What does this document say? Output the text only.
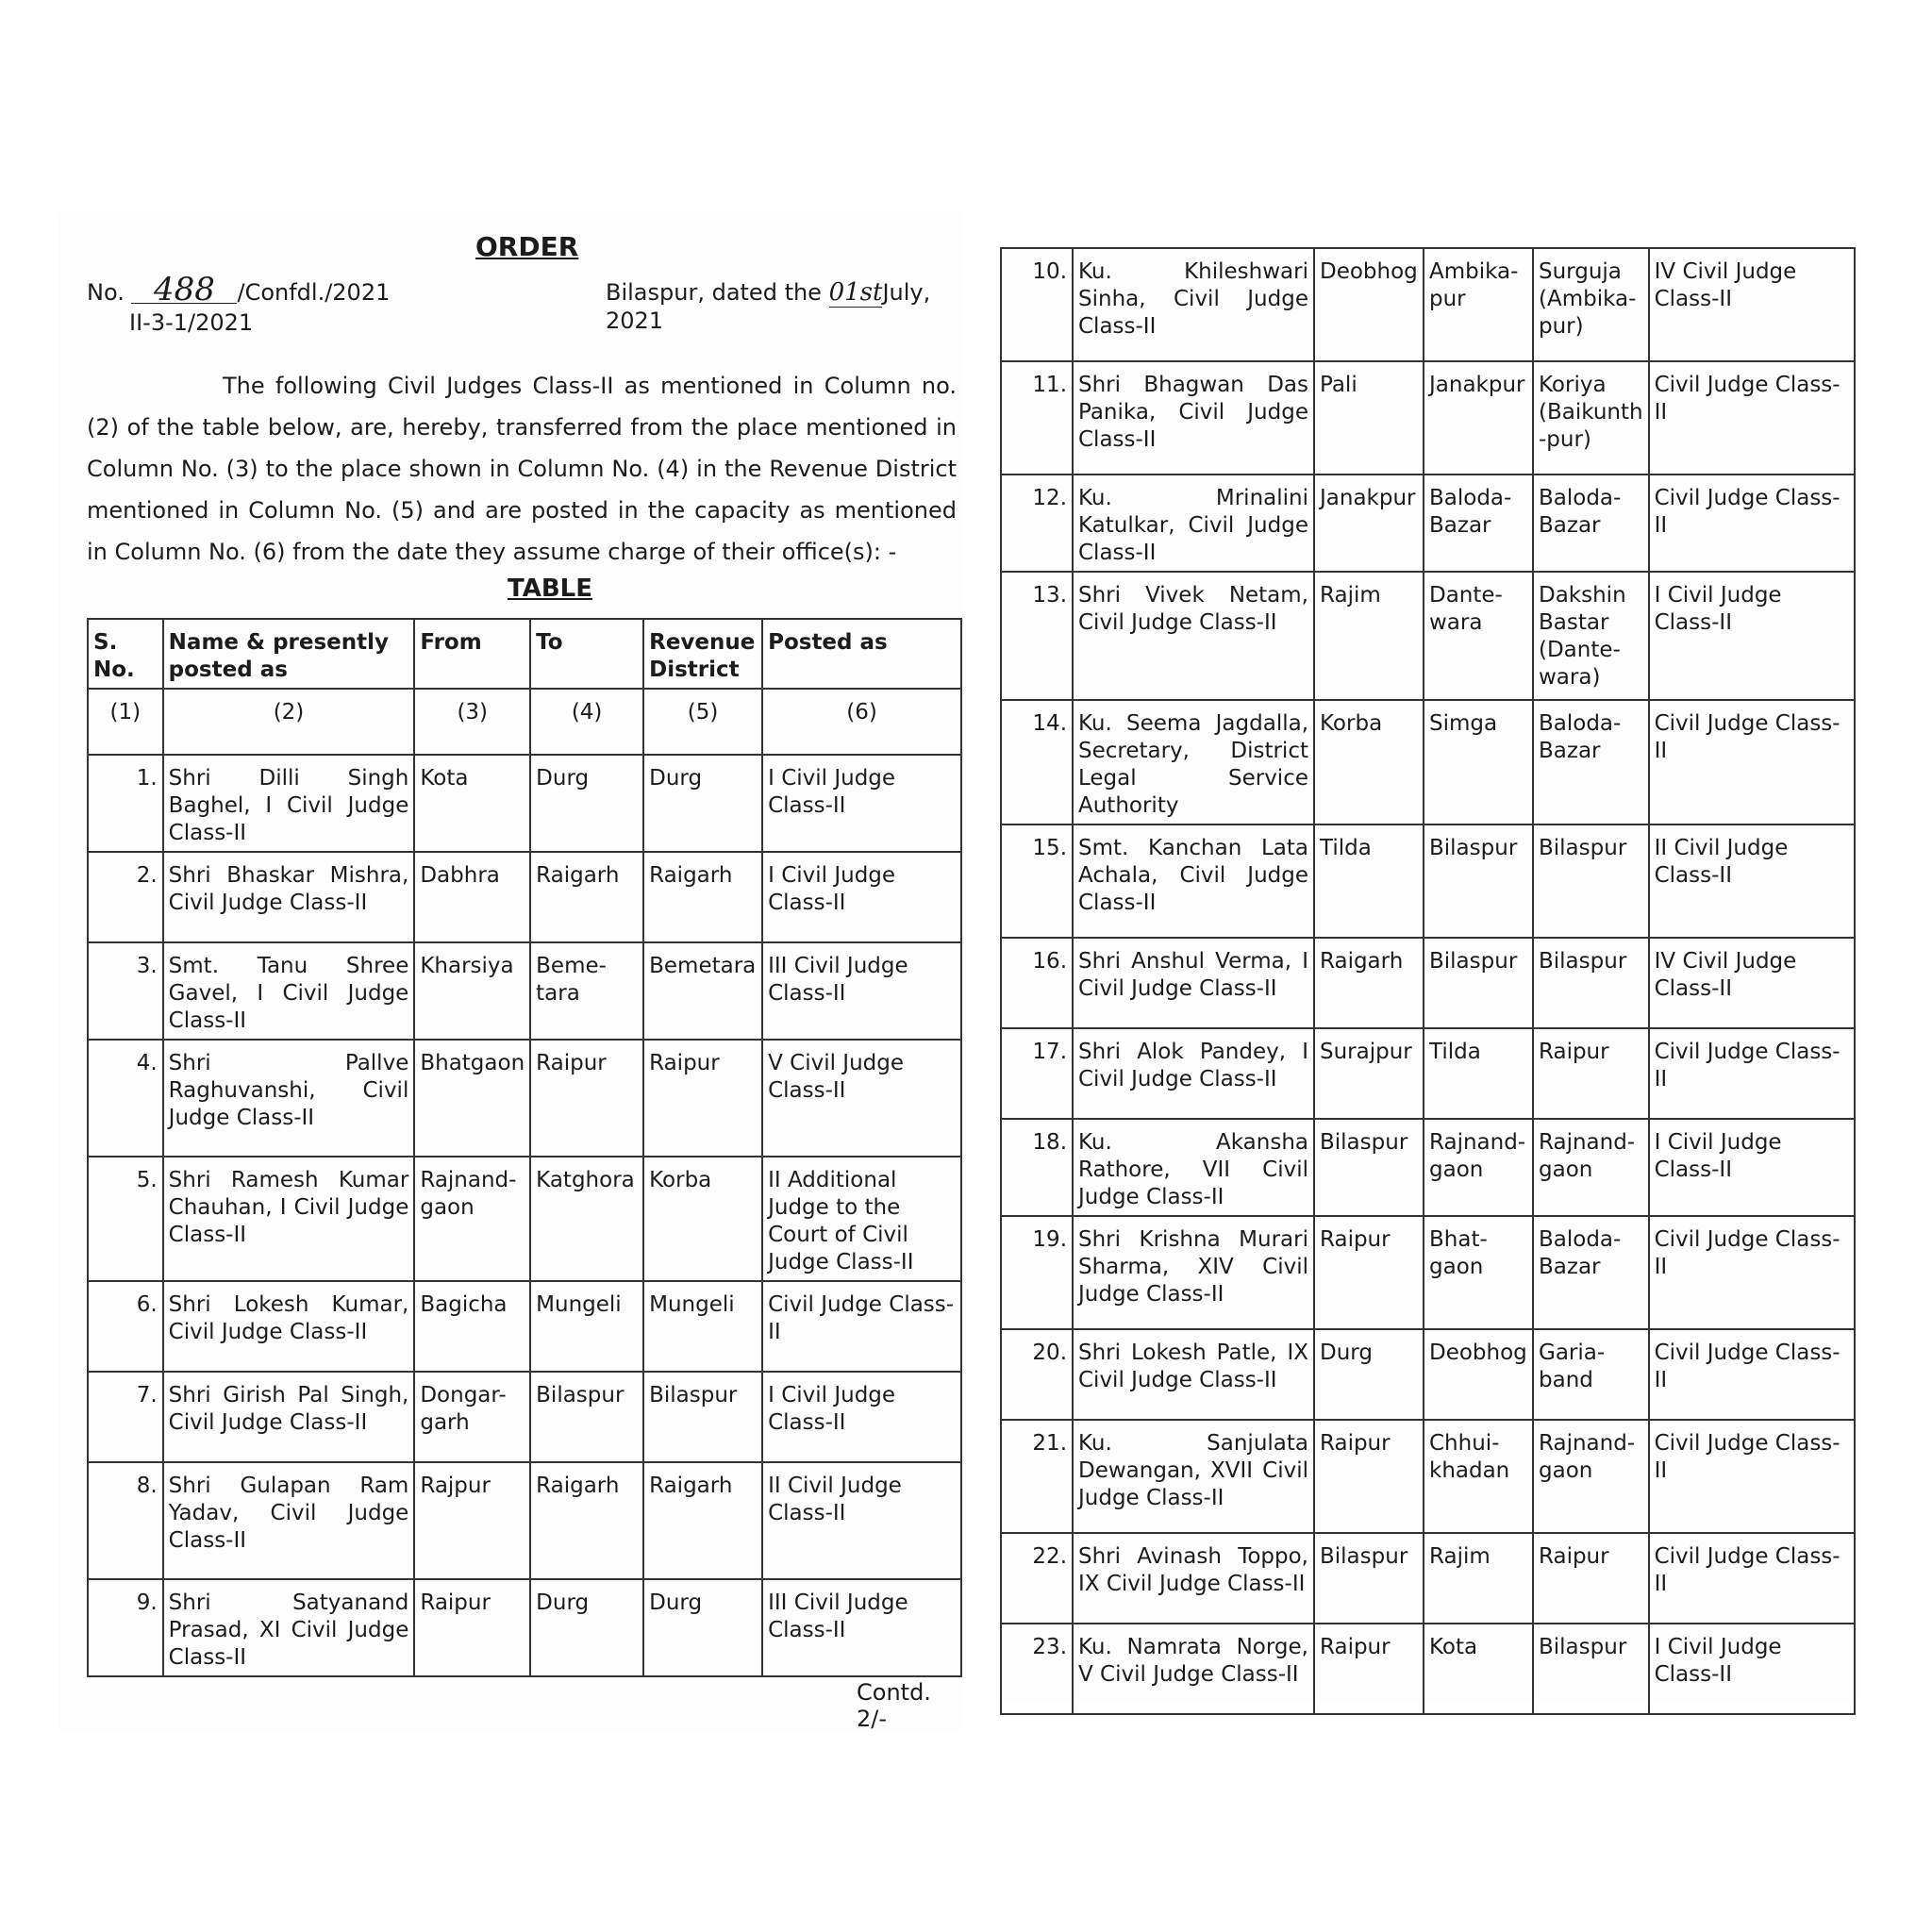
ORDER
No. 488 /Confdl./2021
II-3-1/2021
Bilaspur, dated the 01stJuly, 2021

The following Civil Judges Class-II as mentioned in Column no. (2) of the table below, are, hereby, transferred from the place mentioned in Column No. (3) to the place shown in Column No. (4) in the Revenue District mentioned in Column No. (5) and are posted in the capacity as mentioned in Column No. (6) from the date they assume charge of their office(s): -

TABLE
S. No.	Name & presently posted as	From	To	Revenue District	Posted as
(1)	(2)	(3)	(4)	(5)	(6)
1.	Shri Dilli Singh Baghel, I Civil Judge Class-II	Kota	Durg	Durg	I Civil Judge Class-II
2.	Shri Bhaskar Mishra, Civil Judge Class-II	Dabhra	Raigarh	Raigarh	I Civil Judge Class-II
3.	Smt. Tanu Shree Gavel, I Civil Judge Class-II	Kharsiya	Beme-tara	Bemetara	III Civil Judge Class-II
4.	Shri Pallve Raghuvanshi, Civil Judge Class-II	Bhatgaon	Raipur	Raipur	V Civil Judge Class-II
5.	Shri Ramesh Kumar Chauhan, I Civil Judge Class-II	Rajnand-gaon	Katghora	Korba	II Additional Judge to the Court of Civil Judge Class-II
6.	Shri Lokesh Kumar, Civil Judge Class-II	Bagicha	Mungeli	Mungeli	Civil Judge Class-II
7.	Shri Girish Pal Singh, Civil Judge Class-II	Dongar-garh	Bilaspur	Bilaspur	I Civil Judge Class-II
8.	Shri Gulapan Ram Yadav, Civil Judge Class-II	Rajpur	Raigarh	Raigarh	II Civil Judge Class-II
9.	Shri Satyanand Prasad, XI Civil Judge Class-II	Raipur	Durg	Durg	III Civil Judge Class-II
Contd. 2/-
10.	Ku. Khileshwari Sinha, Civil Judge Class-II	Deobhog	Ambika-pur	Surguja (Ambika-pur)	IV Civil Judge Class-II
11.	Shri Bhagwan Das Panika, Civil Judge Class-II	Pali	Janakpur	Koriya (Baikunth -pur)	Civil Judge Class-II
12.	Ku. Mrinalini Katulkar, Civil Judge Class-II	Janakpur	Baloda-Bazar	Baloda-Bazar	Civil Judge Class-II
13.	Shri Vivek Netam, Civil Judge Class-II	Rajim	Dante-wara	Dakshin Bastar (Dante-wara)	I Civil Judge Class-II
14.	Ku. Seema Jagdalla, Secretary, District Legal Service Authority	Korba	Simga	Baloda-Bazar	Civil Judge Class-II
15.	Smt. Kanchan Lata Achala, Civil Judge Class-II	Tilda	Bilaspur	Bilaspur	II Civil Judge Class-II
16.	Shri Anshul Verma, I Civil Judge Class-II	Raigarh	Bilaspur	Bilaspur	IV Civil Judge Class-II
17.	Shri Alok Pandey, I Civil Judge Class-II	Surajpur	Tilda	Raipur	Civil Judge Class-II
18.	Ku. Akansha Rathore, VII Civil Judge Class-II	Bilaspur	Rajnand-gaon	Rajnand-gaon	I Civil Judge Class-II
19.	Shri Krishna Murari Sharma, XIV Civil Judge Class-II	Raipur	Bhat-gaon	Baloda-Bazar	Civil Judge Class-II
20.	Shri Lokesh Patle, IX Civil Judge Class-II	Durg	Deobhog	Garia-band	Civil Judge Class-II
21.	Ku. Sanjulata Dewangan, XVII Civil Judge Class-II	Raipur	Chhui-khadan	Rajnand-gaon	Civil Judge Class-II
22.	Shri Avinash Toppo, IX Civil Judge Class-II	Bilaspur	Rajim	Raipur	Civil Judge Class-II
23.	Ku. Namrata Norge, V Civil Judge Class-II	Raipur	Kota	Bilaspur	I Civil Judge Class-II
